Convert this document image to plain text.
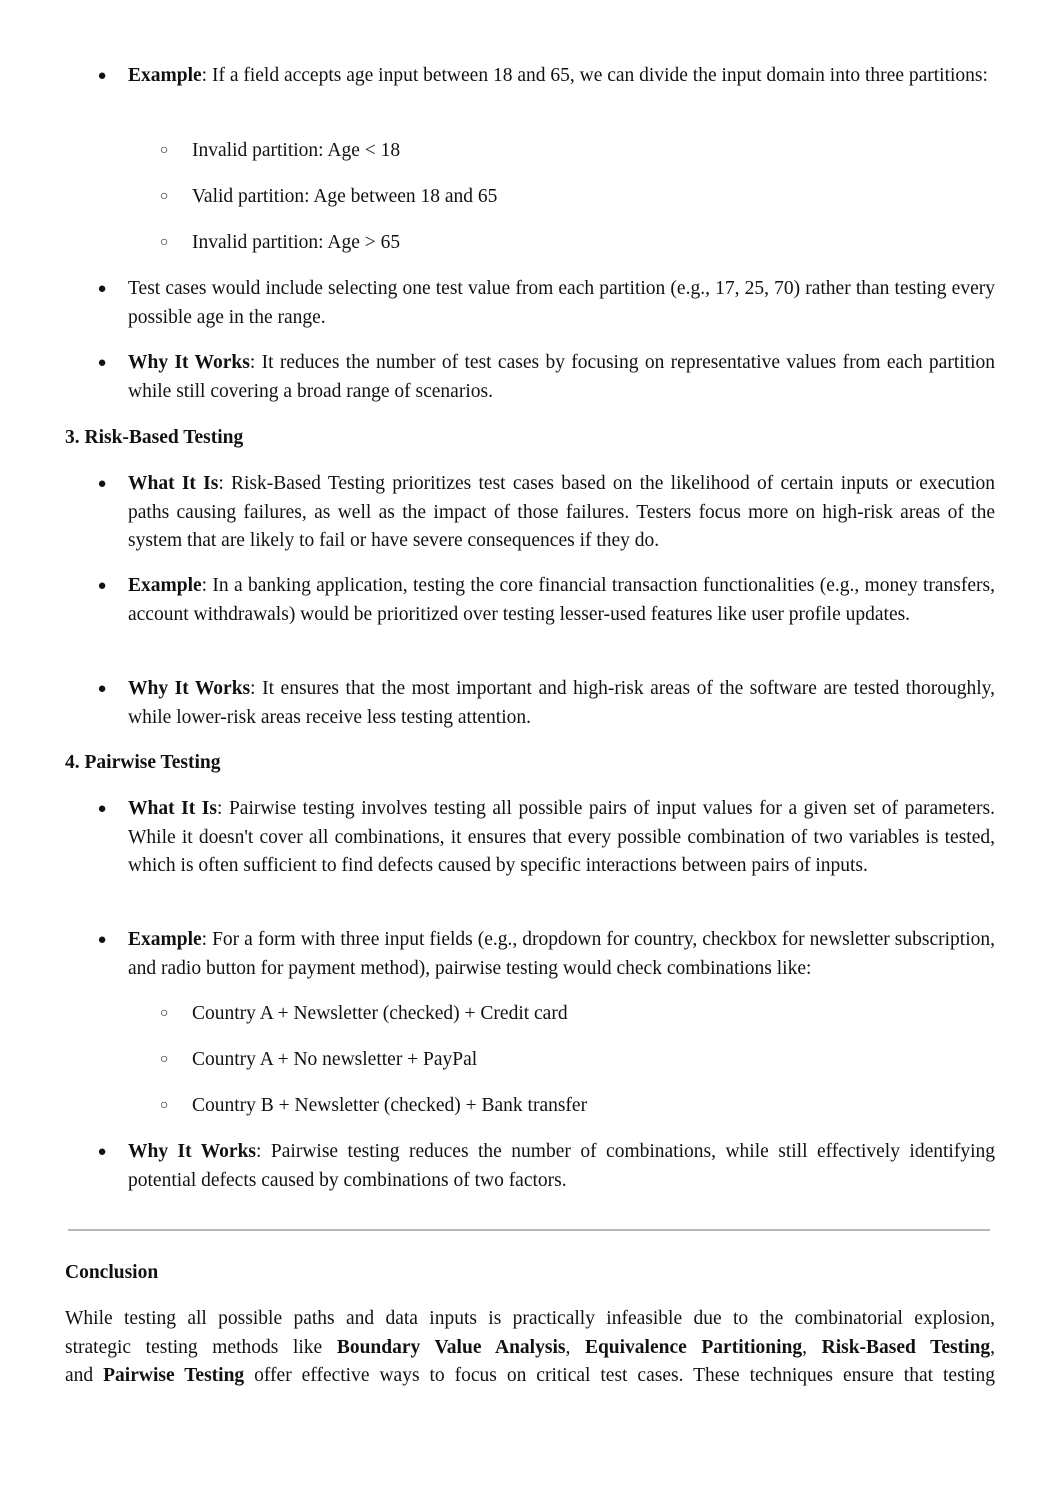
● Example: If a field accepts age input between 18 and 65, we can divide the input domain into three partitions:
○ Invalid partition: Age < 18
○ Valid partition: Age between 18 and 65
○ Invalid partition: Age > 65
● Test cases would include selecting one test value from each partition (e.g., 17, 25, 70) rather than testing every possible age in the range.
● Why It Works: It reduces the number of test cases by focusing on representative values from each partition while still covering a broad range of scenarios.
3. Risk-Based Testing
● What It Is: Risk-Based Testing prioritizes test cases based on the likelihood of certain inputs or execution paths causing failures, as well as the impact of those failures. Testers focus more on high-risk areas of the system that are likely to fail or have severe consequences if they do.
● Example: In a banking application, testing the core financial transaction functionalities (e.g., money transfers, account withdrawals) would be prioritized over testing lesser-used features like user profile updates.
● Why It Works: It ensures that the most important and high-risk areas of the software are tested thoroughly, while lower-risk areas receive less testing attention.
4. Pairwise Testing
● What It Is: Pairwise testing involves testing all possible pairs of input values for a given set of parameters. While it doesn't cover all combinations, it ensures that every possible combination of two variables is tested, which is often sufficient to find defects caused by specific interactions between pairs of inputs.
● Example: For a form with three input fields (e.g., dropdown for country, checkbox for newsletter subscription, and radio button for payment method), pairwise testing would check combinations like:
○ Country A + Newsletter (checked) + Credit card
○ Country A + No newsletter + PayPal
○ Country B + Newsletter (checked) + Bank transfer
● Why It Works: Pairwise testing reduces the number of combinations, while still effectively identifying potential defects caused by combinations of two factors.
Conclusion
While testing all possible paths and data inputs is practically infeasible due to the combinatorial explosion,
strategic testing methods like Boundary Value Analysis, Equivalence Partitioning, Risk-Based Testing,
and Pairwise Testing offer effective ways to focus on critical test cases. These techniques ensure that testing
